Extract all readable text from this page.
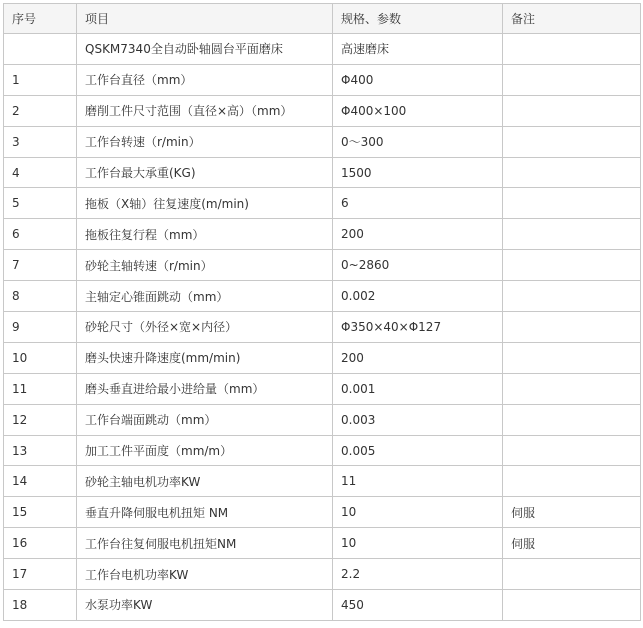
序号	项目	规格、参数	备注
	QSKM7340全自动卧轴圆台平面磨床	高速磨床	
1	工作台直径（mm）	Φ400	
2	磨削工件尺寸范围（直径×高）（mm）	Φ400×100	
3	工作台转速（r/min）	0～300	
4	工作台最大承重(KG)	1500	
5	拖板（X轴）往复速度(m/min)	6	
6	拖板往复行程（mm）	200	
7	砂轮主轴转速（r/min）	0~2860	
8	主轴定心锥面跳动（mm）	0.002	
9	砂轮尺寸（外径×宽×内径）	Φ350×40×Φ127	
10	磨头快速升降速度(mm/min)	200	
11	磨头垂直进给最小进给量（mm）	0.001	
12	工作台端面跳动（mm）	0.003	
13	加工工件平面度（mm/m）	0.005	
14	砂轮主轴电机功率KW	11	
15	垂直升降伺服电机扭矩 NM	10	伺服
16	工作台往复伺服电机扭矩NM	10	伺服
17	工作台电机功率KW	2.2	
18	水泵功率KW	450	
